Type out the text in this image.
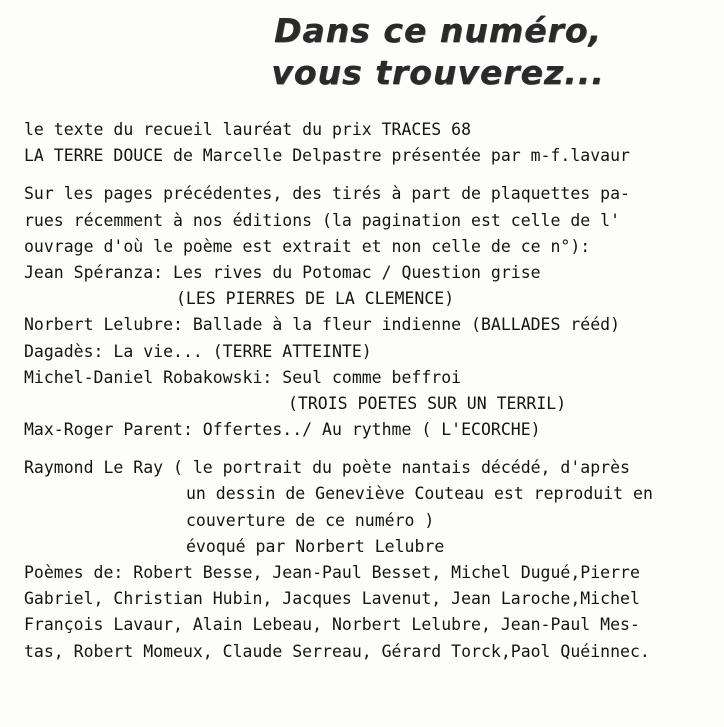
Dans ce numéro,
vous trouverez...
le texte du recueil lauréat du prix TRACES 68
LA TERRE DOUCE de Marcelle Delpastre présentée par m-f.lavaur
Sur les pages précédentes, des tirés à part de plaquettes pa-
rues récemment à nos éditions (la pagination est celle de l'
ouvrage d'où le poème est extrait et non celle de ce n°):
Jean Spéranza: Les rives du Potomac / Question grise
(LES PIERRES DE LA CLEMENCE)
Norbert Lelubre: Ballade à la fleur indienne (BALLADES rééd)
Dagadès: La vie... (TERRE ATTEINTE)
Michel-Daniel Robakowski: Seul comme beffroi
(TROIS POETES SUR UN TERRIL)
Max-Roger Parent: Offertes../ Au rythme ( L'ECORCHE)
Raymond Le Ray ( le portrait du poète nantais décédé, d'après
un dessin de Geneviève Couteau est reproduit en
couverture de ce numéro )
évoqué par Norbert Lelubre
Poèmes de: Robert Besse, Jean-Paul Besset, Michel Dugué,Pierre
Gabriel, Christian Hubin, Jacques Lavenut, Jean Laroche,Michel
François Lavaur, Alain Lebeau, Norbert Lelubre, Jean-Paul Mes-
tas, Robert Momeux, Claude Serreau, Gérard Torck,Paol Quéinnec.
